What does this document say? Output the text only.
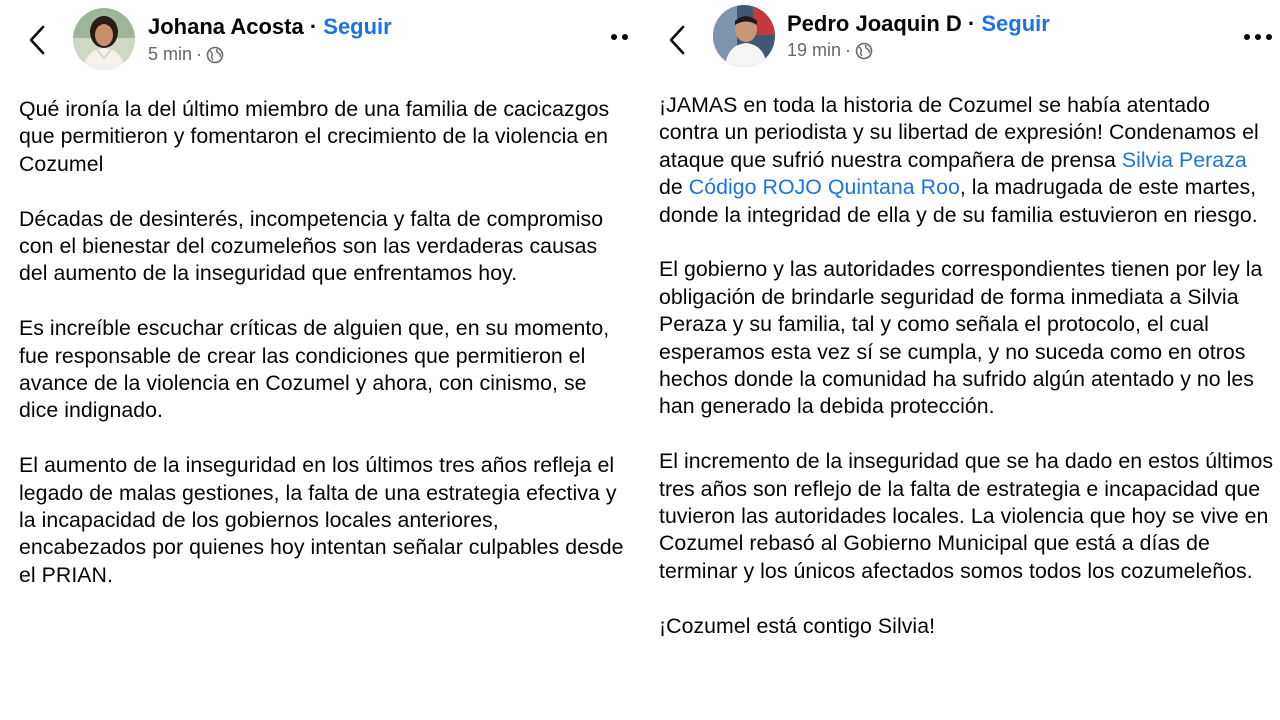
Johana Acosta · Seguir
5 min ·

Qué ironía la del último miembro de una familia de cacicazgos que permitieron y fomentaron el crecimiento de la violencia en Cozumel

Décadas de desinterés, incompetencia y falta de compromiso con el bienestar del cozumeleños son las verdaderas causas del aumento de la inseguridad que enfrentamos hoy.

Es increíble escuchar críticas de alguien que, en su momento, fue responsable de crear las condiciones que permitieron el avance de la violencia en Cozumel y ahora, con cinismo, se dice indignado.

El aumento de la inseguridad en los últimos tres años refleja el legado de malas gestiones, la falta de una estrategia efectiva y la incapacidad de los gobiernos locales anteriores, encabezados por quienes hoy intentan señalar culpables desde el PRIAN.

Pedro Joaquin D · Seguir
19 min ·

¡JAMAS en toda la historia de Cozumel se había atentado contra un periodista y su libertad de expresión! Condenamos el ataque que sufrió nuestra compañera de prensa Silvia Peraza de Código ROJO Quintana Roo, la madrugada de este martes, donde la integridad de ella y de su familia estuvieron en riesgo.

El gobierno y las autoridades correspondientes tienen por ley la obligación de brindarle seguridad de forma inmediata a Silvia Peraza y su familia, tal y como señala el protocolo, el cual esperamos esta vez sí se cumpla, y no suceda como en otros hechos donde la comunidad ha sufrido algún atentado y no les han generado la debida protección.

El incremento de la inseguridad que se ha dado en estos últimos tres años son reflejo de la falta de estrategia e incapacidad que tuvieron las autoridades locales. La violencia que hoy se vive en Cozumel rebasó al Gobierno Municipal que está a días de terminar y los únicos afectados somos todos los cozumeleños.

¡Cozumel está contigo Silvia!
